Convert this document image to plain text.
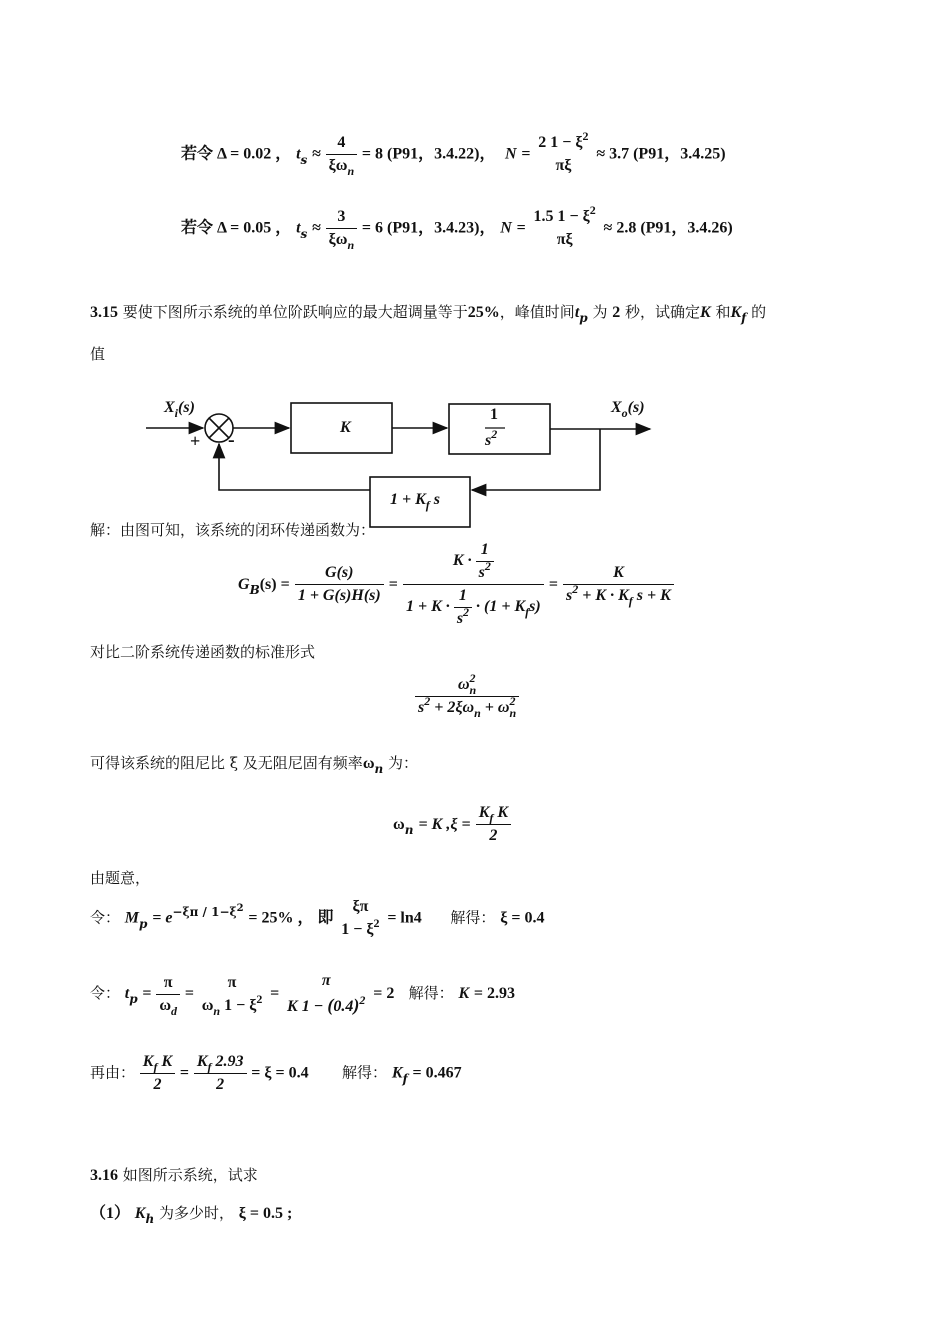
若令 Δ = 0.02 ， $t_s \approx \frac{4}{\xi\omega_n} = 8$ (P91，3.4.22)， N =
2 $1 - \xi^2$
πξ
≈ 3.7 (P91，3.4.25)
若令 Δ = 0.05 ， $t_s \approx \frac{3}{\xi\omega_n} = 6$ (P91，3.4.23)， N =
1.5 $1 - \xi^2$
πξ
≈ 2.8 (P91，3.4.26)
3.15 要使下图所示系统的单位阶跃响应的最大超调量等于25%，峰值时间$t_p$ 为 2 秒，试确定K 和$K_f$ 的
值
$X_i(s)$
+ -
K
1
$s^2$
$X_o(s)$
$1 + K_f$ s
解：由图可知，该系统的闭环传递函数为：
$G_B(s) = \frac{G(s)}{1 + G(s)H(s)} = \frac{K \cdot \frac{1}{s^2}}{1 + K \cdot \frac{1}{s^2} \cdot (1 + K_fs)} = \frac{K}{s^2 + K \cdot K_f s + K}$
对比二阶系统传递函数的标准形式
$\frac{\omega^2_n}{s^2 + 2\xi\omega_n + \omega^2_n}$
可得该系统的阻尼比 ξ 及无阻尼固有频率$\omega_n$ 为：
$\omega_n = K$ $,\xi = \frac{K_f K}{2}$
由题意，
令： $M_p = e^{-\xi\pi / 1-\xi 2} = 25\%$ ， 即
ξπ
$1 - \xi^2 = \ln 4$ 解得： ξ = 0.4
令： $t_p = \frac{\pi}{\omega_d}$ =
π
$\omega_n$ $1 - \xi^2$ =
π
K $1 - (0.4)^2 = 2$ 解得： K = 2.93
再由： $\frac{K_f K}{2} = \frac{K_f 2.93}{2} = \xi = 0.4$ 解得： $K_f = 0.467$
3.16 如图所示系统，试求
（1） $K_h$ 为多少时， ξ = 0.5 ;
